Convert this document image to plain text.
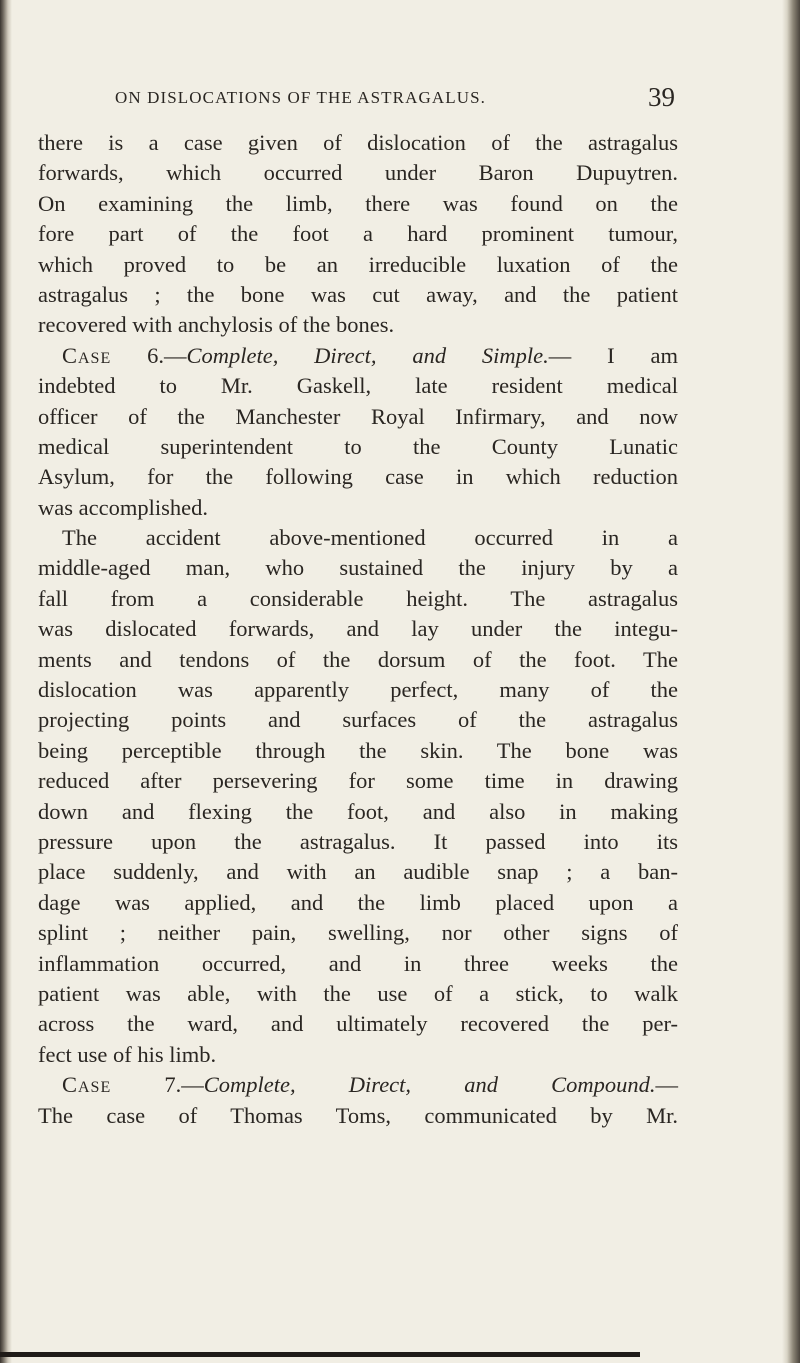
ON DISLOCATIONS OF THE ASTRAGALUS.	39
there is a case given of dislocation of the astragalus
forwards, which occurred under Baron Dupuytren.
On examining the limb, there was found on the
fore part of the foot a hard prominent tumour,
which proved to be an irreducible luxation of the
astragalus ; the bone was cut away, and the patient
recovered with anchylosis of the bones.
Case 6.—Complete, Direct, and Simple.— I am
indebted to Mr. Gaskell, late resident medical
officer of the Manchester Royal Infirmary, and now
medical superintendent to the County Lunatic
Asylum, for the following case in which reduction
was accomplished.
The accident above-mentioned occurred in a
middle-aged man, who sustained the injury by a
fall from a considerable height. The astragalus
was dislocated forwards, and lay under the integu-
ments and tendons of the dorsum of the foot. The
dislocation was apparently perfect, many of the
projecting points and surfaces of the astragalus
being perceptible through the skin. The bone was
reduced after persevering for some time in drawing
down and flexing the foot, and also in making
pressure upon the astragalus. It passed into its
place suddenly, and with an audible snap ; a ban-
dage was applied, and the limb placed upon a
splint ; neither pain, swelling, nor other signs of
inflammation occurred, and in three weeks the
patient was able, with the use of a stick, to walk
across the ward, and ultimately recovered the per-
fect use of his limb.
Case 7.—Complete, Direct, and Compound.—
The case of Thomas Toms, communicated by Mr.
